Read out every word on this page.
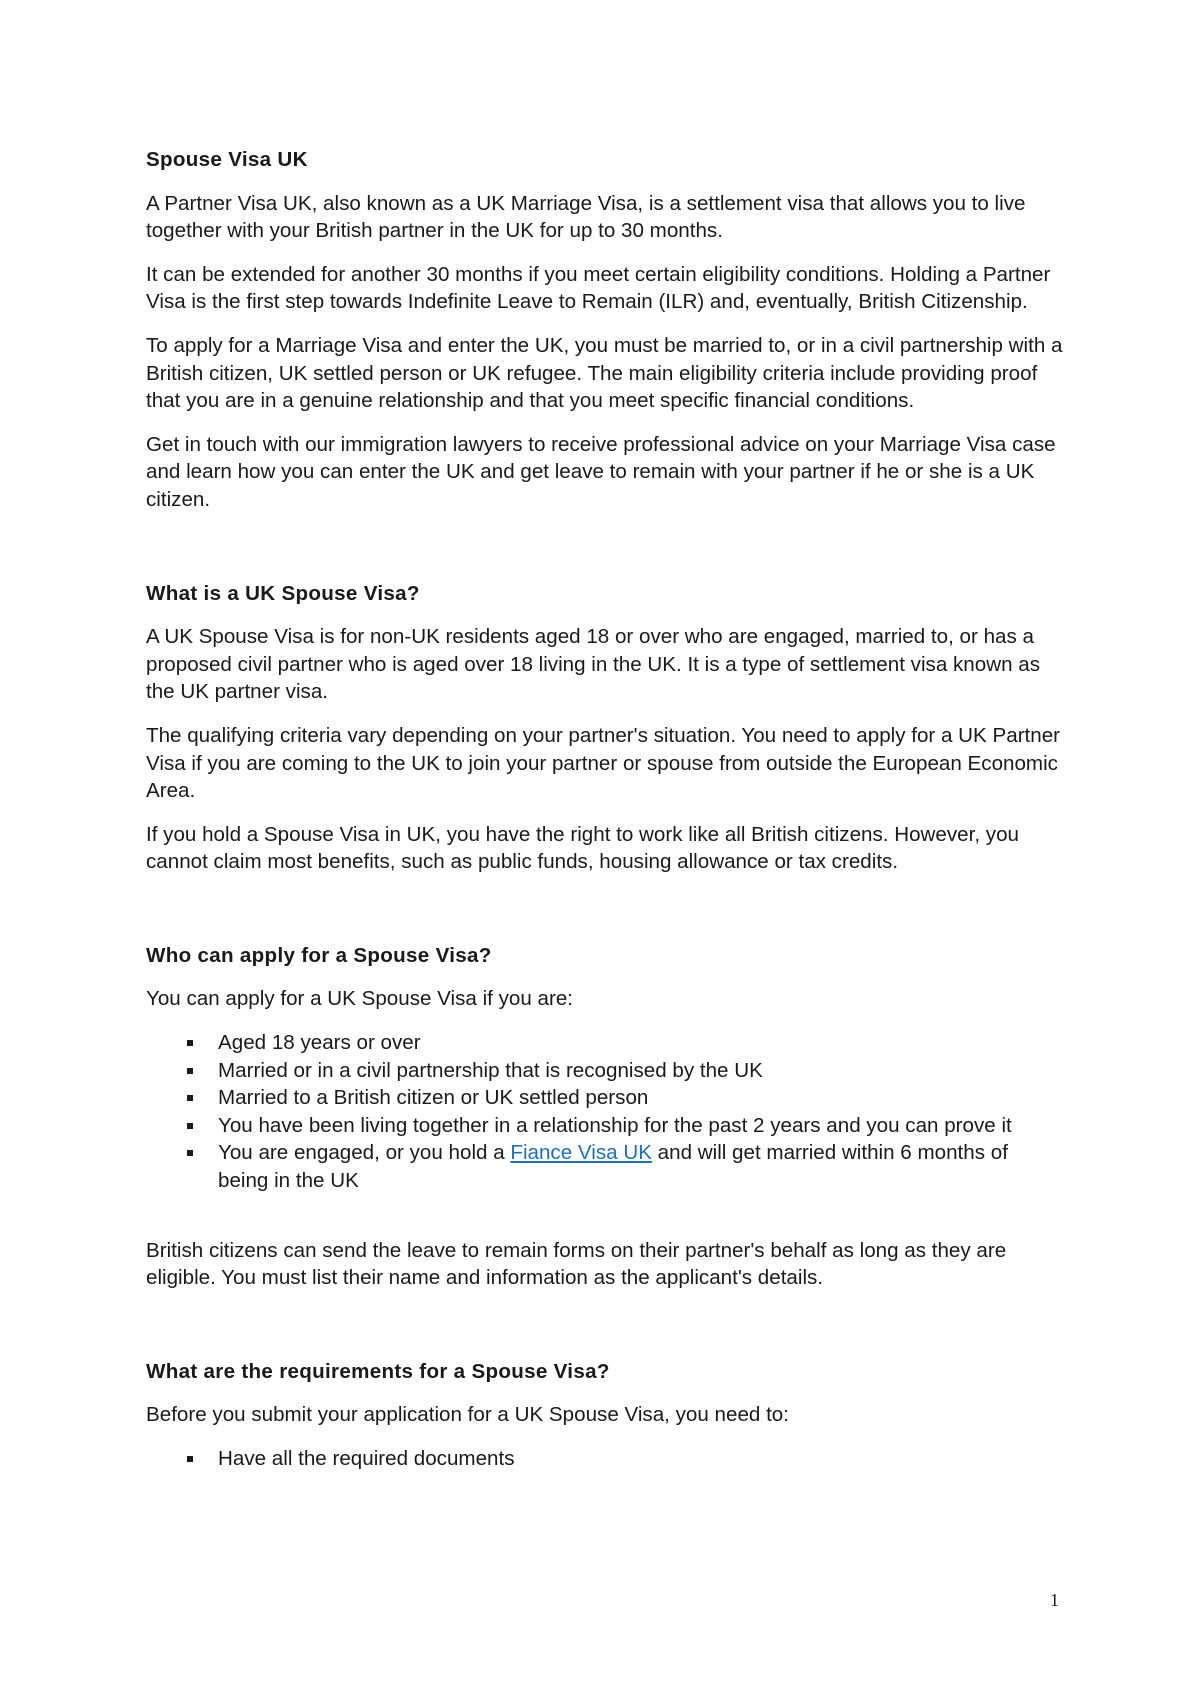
Spouse Visa UK

A Partner Visa UK, also known as a UK Marriage Visa, is a settlement visa that allows you to live together with your British partner in the UK for up to 30 months.

It can be extended for another 30 months if you meet certain eligibility conditions. Holding a Partner Visa is the first step towards Indefinite Leave to Remain (ILR) and, eventually, British Citizenship.

To apply for a Marriage Visa and enter the UK, you must be married to, or in a civil partnership with a British citizen, UK settled person or UK refugee. The main eligibility criteria include providing proof that you are in a genuine relationship and that you meet specific financial conditions.

Get in touch with our immigration lawyers to receive professional advice on your Marriage Visa case and learn how you can enter the UK and get leave to remain with your partner if he or she is a UK citizen.

What is a UK Spouse Visa?

A UK Spouse Visa is for non-UK residents aged 18 or over who are engaged, married to, or has a proposed civil partner who is aged over 18 living in the UK. It is a type of settlement visa known as the UK partner visa.

The qualifying criteria vary depending on your partner's situation. You need to apply for a UK Partner Visa if you are coming to the UK to join your partner or spouse from outside the European Economic Area.

If you hold a Spouse Visa in UK, you have the right to work like all British citizens. However, you cannot claim most benefits, such as public funds, housing allowance or tax credits.

Who can apply for a Spouse Visa?

You can apply for a UK Spouse Visa if you are:

Aged 18 years or over
Married or in a civil partnership that is recognised by the UK
Married to a British citizen or UK settled person
You have been living together in a relationship for the past 2 years and you can prove it
You are engaged, or you hold a Fiance Visa UK and will get married within 6 months of being in the UK

British citizens can send the leave to remain forms on their partner's behalf as long as they are eligible. You must list their name and information as the applicant's details.

What are the requirements for a Spouse Visa?

Before you submit your application for a UK Spouse Visa, you need to:

Have all the required documents
1
